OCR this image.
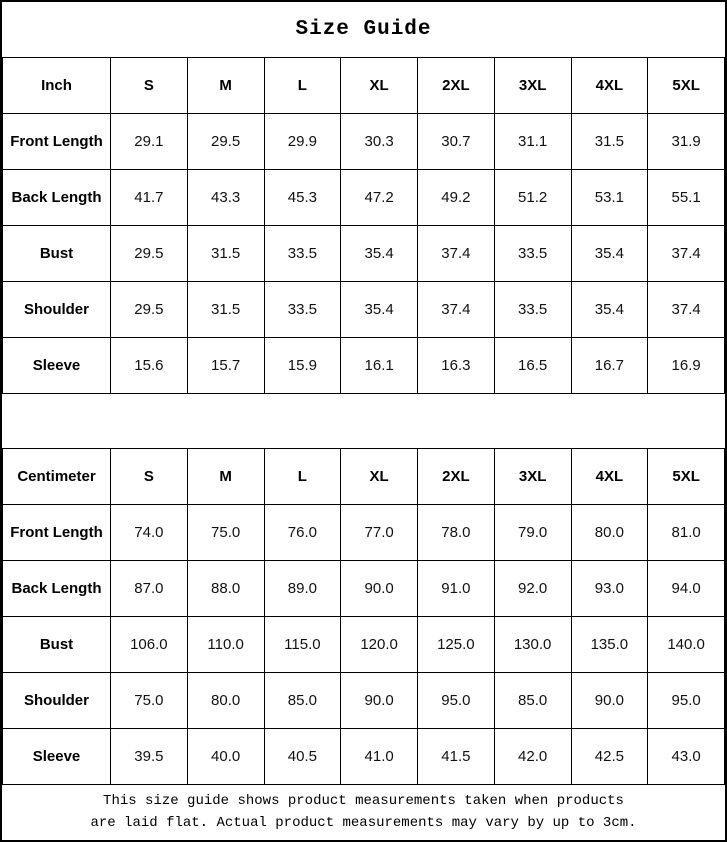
Size Guide
Inch	S	M	L	XL	2XL	3XL	4XL	5XL
Front Length	29.1	29.5	29.9	30.3	30.7	31.1	31.5	31.9
Back Length	41.7	43.3	45.3	47.2	49.2	51.2	53.1	55.1
Bust	29.5	31.5	33.5	35.4	37.4	33.5	35.4	37.4
Shoulder	29.5	31.5	33.5	35.4	37.4	33.5	35.4	37.4
Sleeve	15.6	15.7	15.9	16.1	16.3	16.5	16.7	16.9
Centimeter	S	M	L	XL	2XL	3XL	4XL	5XL
Front Length	74.0	75.0	76.0	77.0	78.0	79.0	80.0	81.0
Back Length	87.0	88.0	89.0	90.0	91.0	92.0	93.0	94.0
Bust	106.0	110.0	115.0	120.0	125.0	130.0	135.0	140.0
Shoulder	75.0	80.0	85.0	90.0	95.0	85.0	90.0	95.0
Sleeve	39.5	40.0	40.5	41.0	41.5	42.0	42.5	43.0
This size guide shows product measurements taken when products
are laid flat. Actual product measurements may vary by up to 3cm.
